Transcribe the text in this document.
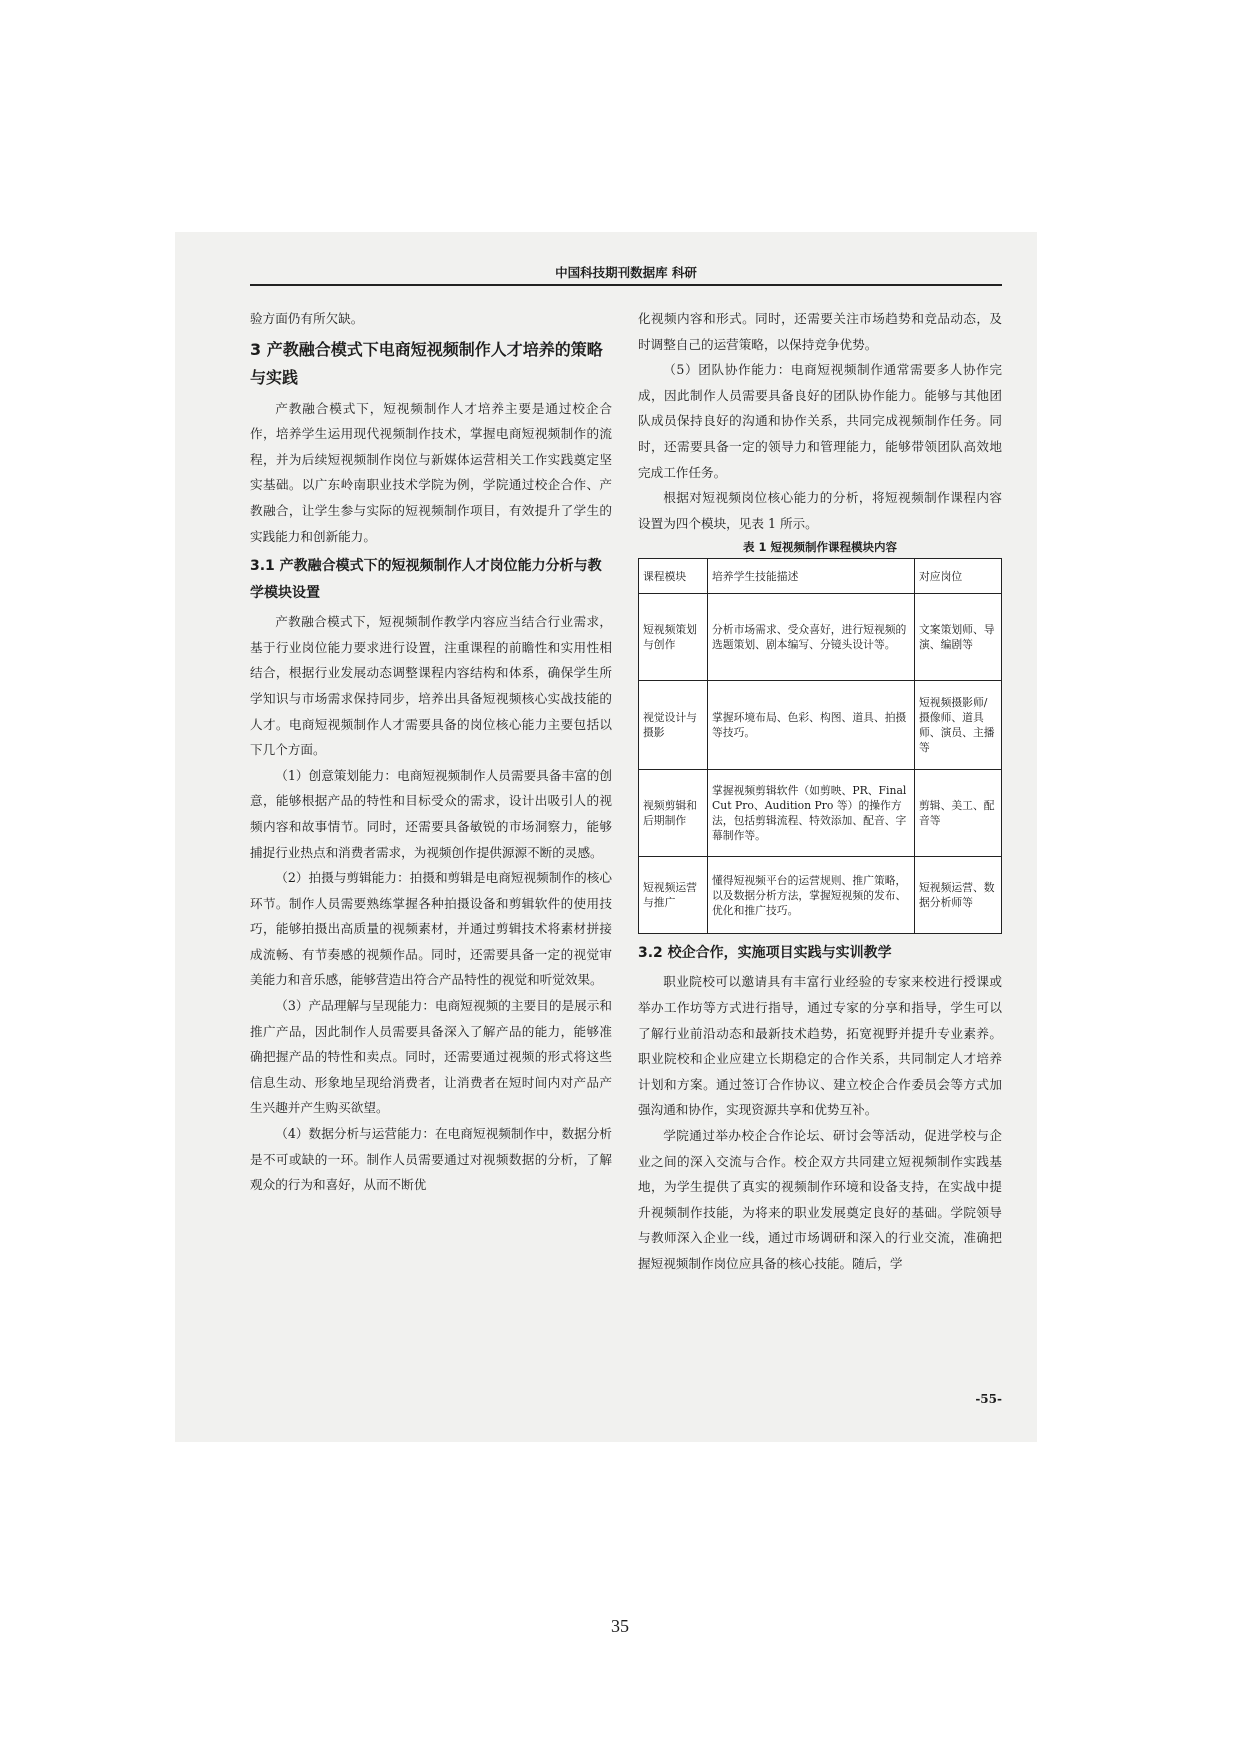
中国科技期刊数据库 科研

验方面仍有所欠缺。

3 产教融合模式下电商短视频制作人才培养的策略与实践

产教融合模式下，短视频制作人才培养主要是通过校企合作，培养学生运用现代视频制作技术，掌握电商短视频制作的流程，并为后续短视频制作岗位与新媒体运营相关工作实践奠定坚实基础。以广东岭南职业技术学院为例，学院通过校企合作、产教融合，让学生参与实际的短视频制作项目，有效提升了学生的实践能力和创新能力。

3.1 产教融合模式下的短视频制作人才岗位能力分析与教学模块设置

产教融合模式下，短视频制作教学内容应当结合行业需求，基于行业岗位能力要求进行设置，注重课程的前瞻性和实用性相结合，根据行业发展动态调整课程内容结构和体系，确保学生所学知识与市场需求保持同步，培养出具备短视频核心实战技能的人才。电商短视频制作人才需要具备的岗位核心能力主要包括以下几个方面。

（1）创意策划能力：电商短视频制作人员需要具备丰富的创意，能够根据产品的特性和目标受众的需求，设计出吸引人的视频内容和故事情节。同时，还需要具备敏锐的市场洞察力，能够捕捉行业热点和消费者需求，为视频创作提供源源不断的灵感。

（2）拍摄与剪辑能力：拍摄和剪辑是电商短视频制作的核心环节。制作人员需要熟练掌握各种拍摄设备和剪辑软件的使用技巧，能够拍摄出高质量的视频素材，并通过剪辑技术将素材拼接成流畅、有节奏感的视频作品。同时，还需要具备一定的视觉审美能力和音乐感，能够营造出符合产品特性的视觉和听觉效果。

（3）产品理解与呈现能力：电商短视频的主要目的是展示和推广产品，因此制作人员需要具备深入了解产品的能力，能够准确把握产品的特性和卖点。同时，还需要通过视频的形式将这些信息生动、形象地呈现给消费者，让消费者在短时间内对产品产生兴趣并产生购买欲望。

（4）数据分析与运营能力：在电商短视频制作中，数据分析是不可或缺的一环。制作人员需要通过对视频数据的分析，了解观众的行为和喜好，从而不断优

化视频内容和形式。同时，还需要关注市场趋势和竞品动态，及时调整自己的运营策略，以保持竞争优势。

（5）团队协作能力：电商短视频制作通常需要多人协作完成，因此制作人员需要具备良好的团队协作能力。能够与其他团队成员保持良好的沟通和协作关系，共同完成视频制作任务。同时，还需要具备一定的领导力和管理能力，能够带领团队高效地完成工作任务。

根据对短视频岗位核心能力的分析，将短视频制作课程内容设置为四个模块，见表 1 所示。

表 1 短视频制作课程模块内容
课程模块	培养学生技能描述	对应岗位
短视频策划与创作	分析市场需求、受众喜好，进行短视频的选题策划、剧本编写、分镜头设计等。	文案策划师、导演、编剧等
视觉设计与摄影	掌握环境布局、色彩、构图、道具、拍摄等技巧。	短视频摄影师/摄像师、道具师、演员、主播等
视频剪辑和后期制作	掌握视频剪辑软件（如剪映、PR、Final Cut Pro、Audition Pro 等）的操作方法，包括剪辑流程、特效添加、配音、字幕制作等。	剪辑、美工、配音等
短视频运营与推广	懂得短视频平台的运营规则、推广策略，以及数据分析方法，掌握短视频的发布、优化和推广技巧。	短视频运营、数据分析师等
3.2 校企合作，实施项目实践与实训教学

职业院校可以邀请具有丰富行业经验的专家来校进行授课或举办工作坊等方式进行指导，通过专家的分享和指导，学生可以了解行业前沿动态和最新技术趋势，拓宽视野并提升专业素养。职业院校和企业应建立长期稳定的合作关系，共同制定人才培养计划和方案。通过签订合作协议、建立校企合作委员会等方式加强沟通和协作，实现资源共享和优势互补。

学院通过举办校企合作论坛、研讨会等活动，促进学校与企业之间的深入交流与合作。校企双方共同建立短视频制作实践基地，为学生提供了真实的视频制作环境和设备支持，在实战中提升视频制作技能，为将来的职业发展奠定良好的基础。学院领导与教师深入企业一线，通过市场调研和深入的行业交流，准确把握短视频制作岗位应具备的核心技能。随后，学

-55-
35
